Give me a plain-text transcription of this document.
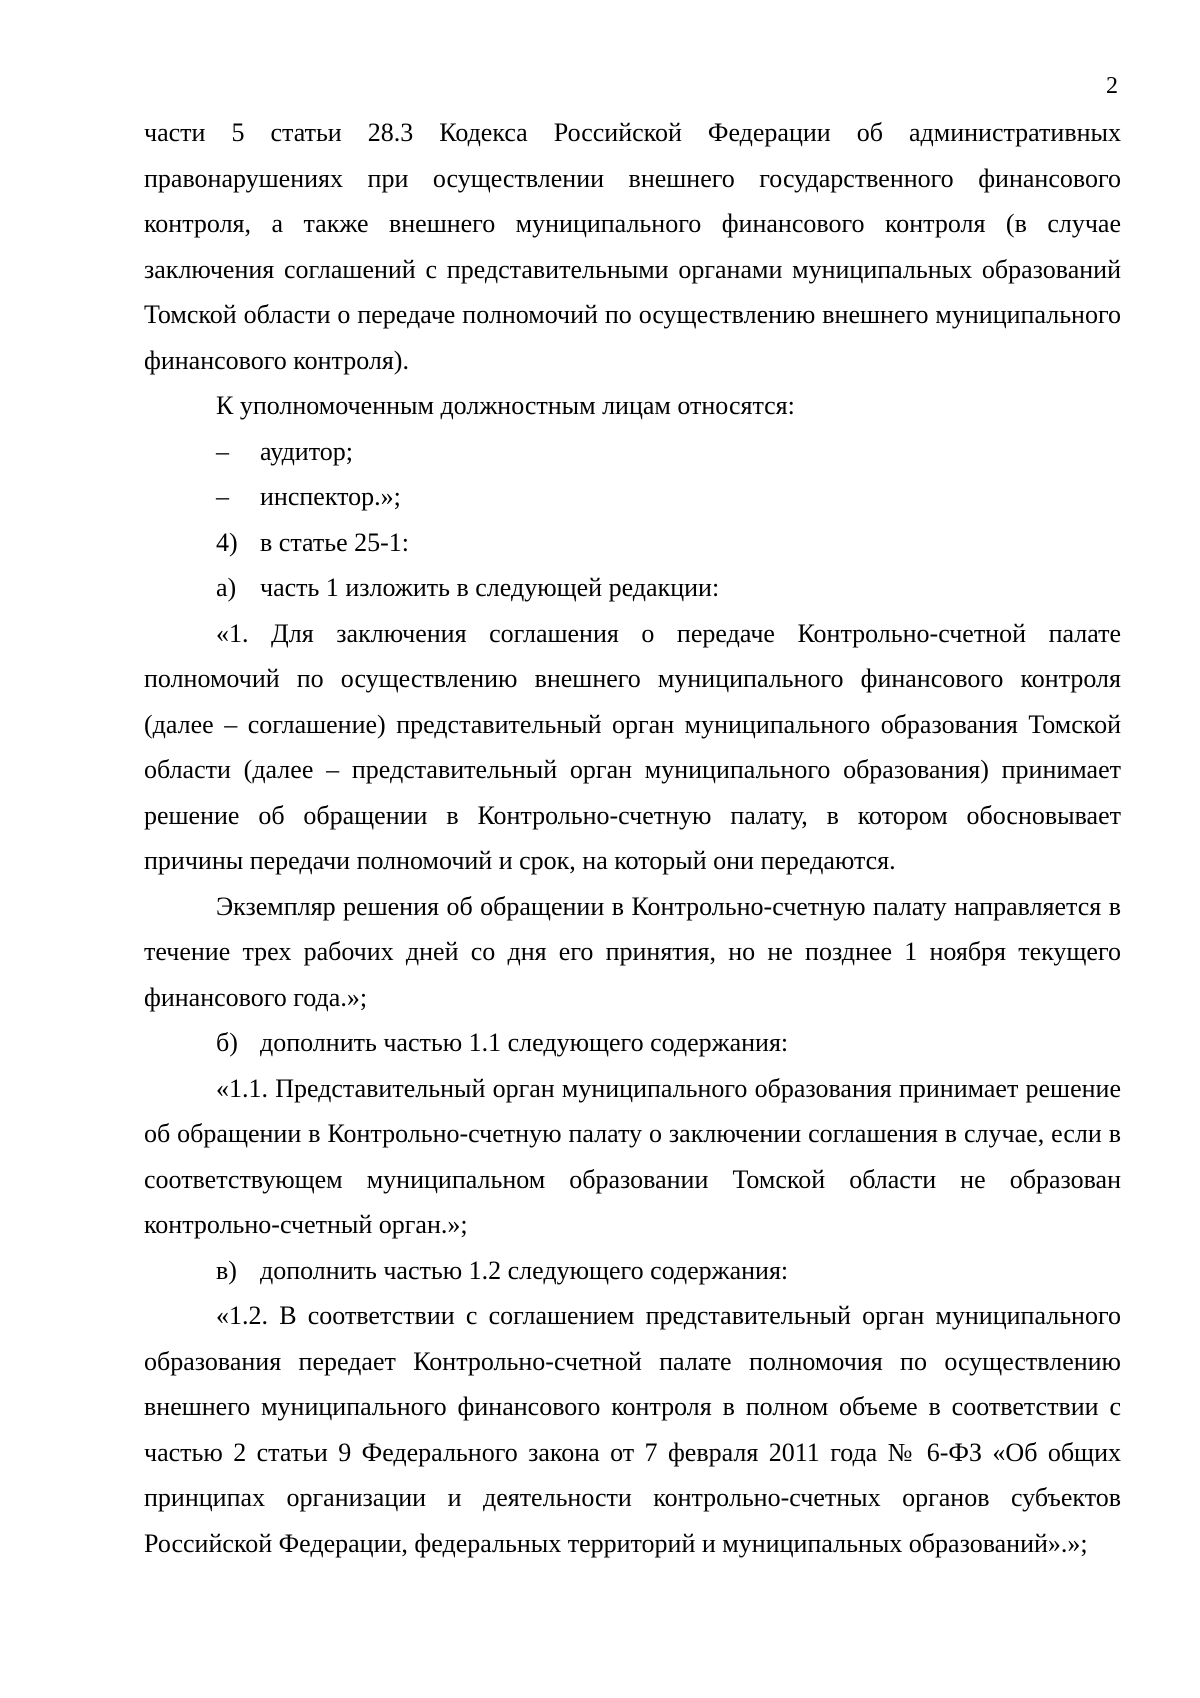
2

части 5 статьи 28.3 Кодекса Российской Федерации об административных правонарушениях при осуществлении внешнего государственного финансового контроля, а также внешнего муниципального финансового контроля (в случае заключения соглашений с представительными органами муниципальных образований Томской области о передаче полномочий по осуществлению внешнего муниципального финансового контроля).

К уполномоченным должностным лицам относятся:

– аудитор;

– инспектор.»;

4) в статье 25-1:

а) часть 1 изложить в следующей редакции:

«1. Для заключения соглашения о передаче Контрольно-счетной палате полномочий по осуществлению внешнего муниципального финансового контроля (далее – соглашение) представительный орган муниципального образования Томской области (далее – представительный орган муниципального образования) принимает решение об обращении в Контрольно-счетную палату, в котором обосновывает причины передачи полномочий и срок, на который они передаются.

Экземпляр решения об обращении в Контрольно-счетную палату направляется в течение трех рабочих дней со дня его принятия, но не позднее 1 ноября текущего финансового года.»;

б) дополнить частью 1.1 следующего содержания:

«1.1. Представительный орган муниципального образования принимает решение об обращении в Контрольно-счетную палату о заключении соглашения в случае, если в соответствующем муниципальном образовании Томской области не образован контрольно-счетный орган.»;

в) дополнить частью 1.2 следующего содержания:

«1.2. В соответствии с соглашением представительный орган муниципального образования передает Контрольно-счетной палате полномочия по осуществлению внешнего муниципального финансового контроля в полном объеме в соответствии с частью 2 статьи 9 Федерального закона от 7 февраля 2011 года № 6-ФЗ «Об общих принципах организации и деятельности контрольно-счетных органов субъектов Российской Федерации, федеральных территорий и муниципальных образований».»;
